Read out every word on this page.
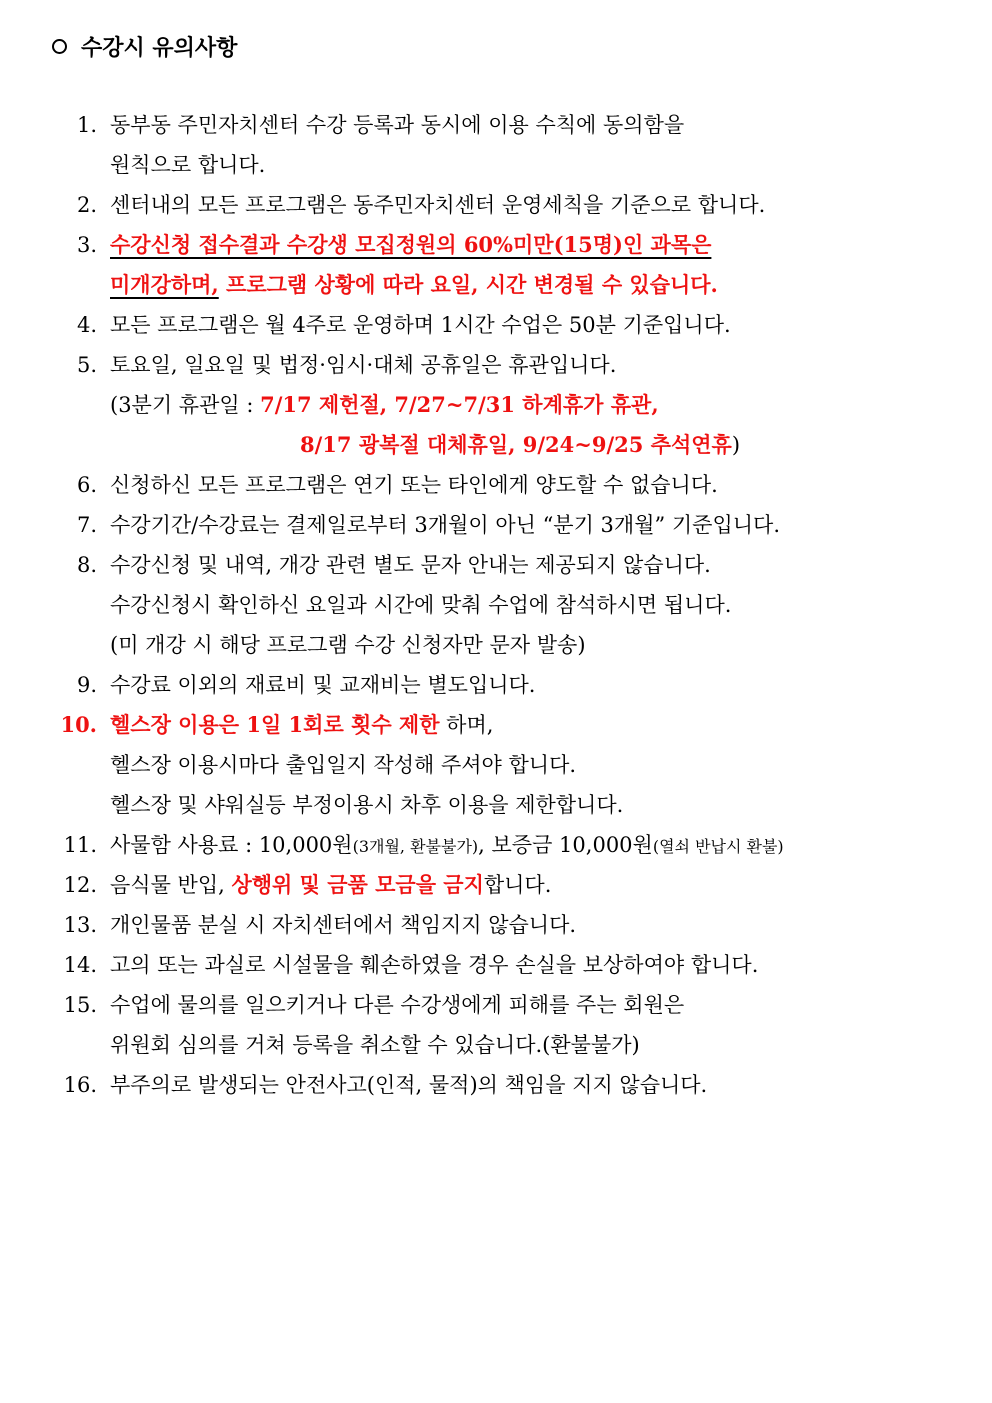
수강시 유의사항
1. 동부동 주민자치센터 수강 등록과 동시에 이용 수칙에 동의함을
원칙으로 합니다.
2. 센터내의 모든 프로그램은 동주민자치센터 운영세칙을 기준으로 합니다.
3. 수강신청 접수결과 수강생 모집정원의 60%미만(15명)인 과목은
미개강하며, 프로그램 상황에 따라 요일, 시간 변경될 수 있습니다.
4. 모든 프로그램은 월 4주로 운영하며 1시간 수업은 50분 기준입니다.
5. 토요일, 일요일 및 법정·임시·대체 공휴일은 휴관입니다.
(3분기 휴관일 : 7/17 제헌절, 7/27~7/31 하계휴가 휴관,
8/17 광복절 대체휴일, 9/24~9/25 추석연휴)
6. 신청하신 모든 프로그램은 연기 또는 타인에게 양도할 수 없습니다.
7. 수강기간/수강료는 결제일로부터 3개월이 아닌 “분기 3개월” 기준입니다.
8. 수강신청 및 내역, 개강 관련 별도 문자 안내는 제공되지 않습니다.
수강신청시 확인하신 요일과 시간에 맞춰 수업에 참석하시면 됩니다.
(미 개강 시 해당 프로그램 수강 신청자만 문자 발송)
9. 수강료 이외의 재료비 및 교재비는 별도입니다.
10. 헬스장 이용은 1일 1회로 횟수 제한 하며,
헬스장 이용시마다 출입일지 작성해 주셔야 합니다.
헬스장 및 샤워실등 부정이용시 차후 이용을 제한합니다.
11. 사물함 사용료 : 10,000원(3개월, 환불불가), 보증금 10,000원(열쇠 반납시 환불)
12. 음식물 반입, 상행위 및 금품 모금을 금지합니다.
13. 개인물품 분실 시 자치센터에서 책임지지 않습니다.
14. 고의 또는 과실로 시설물을 훼손하였을 경우 손실을 보상하여야 합니다.
15. 수업에 물의를 일으키거나 다른 수강생에게 피해를 주는 회원은
위원회 심의를 거쳐 등록을 취소할 수 있습니다.(환불불가)
16. 부주의로 발생되는 안전사고(인적, 물적)의 책임을 지지 않습니다.
